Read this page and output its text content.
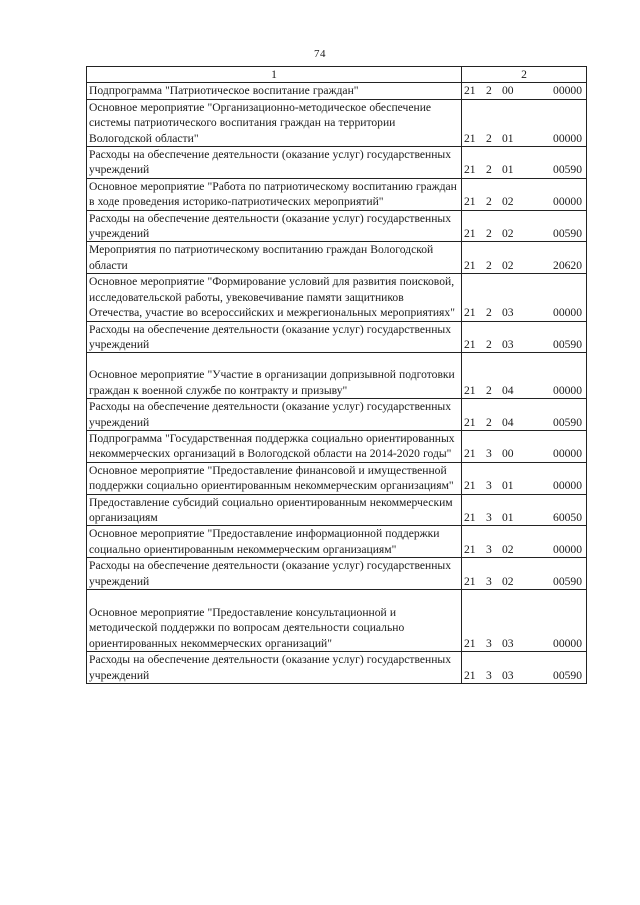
74
1	2
Подпрограмма "Патриотическое воспитание граждан"	21 2 00 00000

Основное мероприятие "Организационно-методическое обеспечение системы патриотического воспитания граждан на территории Вологодской области"	21 2 01 00000

Расходы на обеспечение деятельности (оказание услуг) государственных учреждений	21 2 01 00590

Основное мероприятие "Работа по патриотическому воспитанию граждан в ходе проведения историко-патриотических мероприятий"	21 2 02 00000

Расходы на обеспечение деятельности (оказание услуг) государственных учреждений	21 2 02 00590

Мероприятия по патриотическому воспитанию граждан Вологодской области	21 2 02 20620

Основное мероприятие "Формирование условий для развития поисковой, исследовательской работы, увековечивание памяти защитников Отечества, участие во всероссийских и межрегиональных мероприятиях"	21 2 03 00000

Расходы на обеспечение деятельности (оказание услуг) государственных учреждений	21 2 03 00590

Основное мероприятие "Участие в организации допризывной подготовки граждан к военной службе по контракту и призыву"	21 2 04 00000

Расходы на обеспечение деятельности (оказание услуг) государственных учреждений	21 2 04 00590

Подпрограмма "Государственная поддержка социально ориентированных некоммерческих организаций в Вологодской области на 2014-2020 годы"	21 3 00 00000

Основное мероприятие "Предоставление финансовой и имущественной поддержки социально ориентированным некоммерческим организациям"	21 3 01 00000

Предоставление субсидий социально ориентированным некоммерческим организациям	21 3 01 60050

Основное мероприятие "Предоставление информационной поддержки социально ориентированным некоммерческим организациям"	21 3 02 00000

Расходы на обеспечение деятельности (оказание услуг) государственных учреждений	21 3 02 00590

Основное мероприятие "Предоставление консультационной и методической поддержки по вопросам деятельности социально ориентированных некоммерческих организаций"	21 3 03 00000

Расходы на обеспечение деятельности (оказание услуг) государственных учреждений	21 3 03 00590
